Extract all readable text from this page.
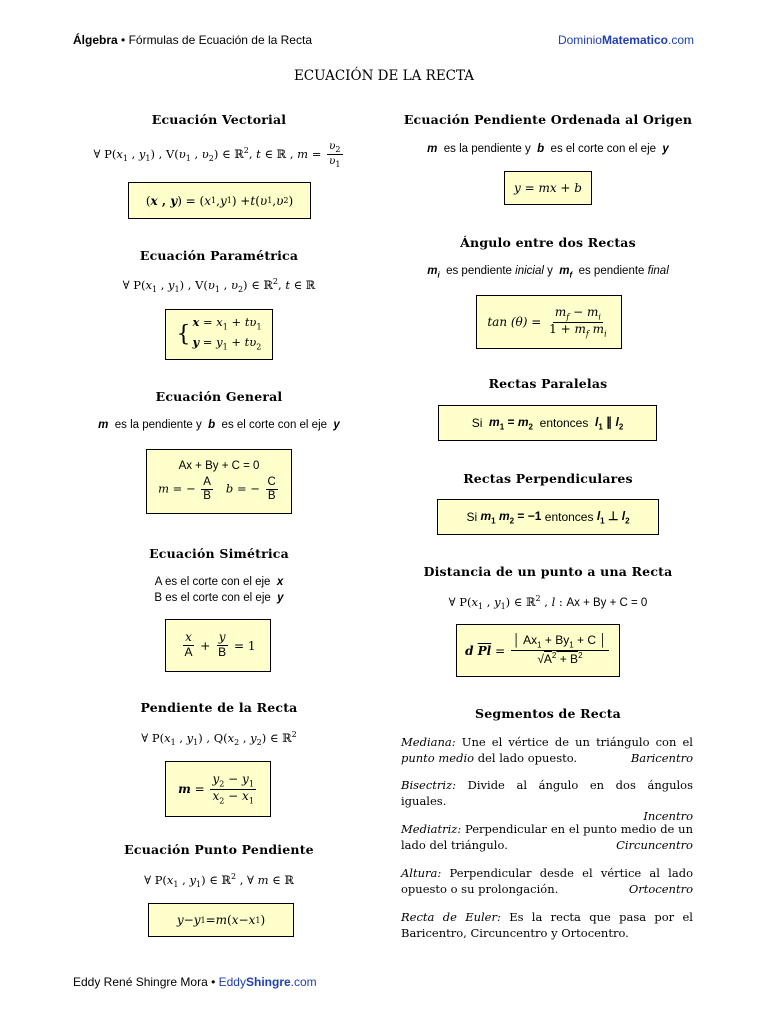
Álgebra • Fórmulas de Ecuación de la Recta	DominioMatematico.com
ECUACIÓN DE LA RECTA
Ecuación Vectorial
∀ $P(x_1$ , $y_1$) , $V(\upsilon_1$ , $\upsilon_2$) ∈ ℝ$^2$, t ∈ ℝ , $m = \frac{\upsilon_2}{\upsilon_1}$
( x , y ) = ( x 1 , y 1 ) + t ( υ 1 , υ 2 )
Ecuación Paramétrica
∀ $P(x_1$ , $y_1$) , $V(\upsilon_1$ , $\upsilon_2$) ∈ ℝ$^2$, t ∈ ℝ
{ $x = x_1 + t\upsilon_1$
$y = y_1 + t\upsilon_2$
Ecuación General
m es la pendiente y b es el corte con el eje y
Ax + By + C = 0
m = − $\frac{A}{B}$ b = − $\frac{C}{B}$
Ecuación Simétrica
A es el corte con el eje x
B es el corte con el eje y
x
$A + \frac{y}{B}$
= 1
Pendiente de la Recta
∀ $P(x_1$ , $y_1$) , $Q(x_2$ , $y_2$) ∈ ℝ$^2$
m =
$y_2 - y_1$
$x_2 - x_1$
Ecuación Punto Pendiente
∀ $P(x_1$ , $y_1$) ∈ ℝ$^2$ , ∀ m ∈ ℝ
y − y 1 = m ( x − x 1 )
Ecuación Pendiente Ordenada al Origen
m es la pendiente y b es el corte con el eje y
y = mx + b
Ángulo entre dos Rectas
$m_i$ es pendiente inicial y $m_f$ es pendiente final
tan (θ) =
$\frac{m_f - m_i}{1 + m_f m_i}$
Rectas Paralelas
Si
$m_1 = m_2$
entonces
$l_1$ ∥ $l_2$
Rectas Perpendiculares
Si
$m_1$ $m_2 = -1$
entonces
$l_1$ ⊥ $l_2$
Distancia de un punto a una Recta
∀ $P(x_1$ , $y_1$) ∈ ℝ$^2$ , l : Ax + By + C = 0
d $\overline{Pl}$ =
│ $Ax_1 + By_1 + C$ │
$√A^2 + B^2$
Segmentos de Recta
Mediana: Une el vértice de un triángulo con el punto medio del lado opuesto.	Baricentro
Bisectriz: Divide al ángulo en dos ángulos iguales.
Incentro
Mediatriz: Perpendicular en el punto medio de un lado del triángulo.	Circuncentro
Altura: Perpendicular desde el vértice al lado opuesto o su prolongación.	Ortocentro
Recta de Euler: Es la recta que pasa por el Baricentro, Circuncentro y Ortocentro.
Eddy René Shingre Mora • EddyShingre.com
